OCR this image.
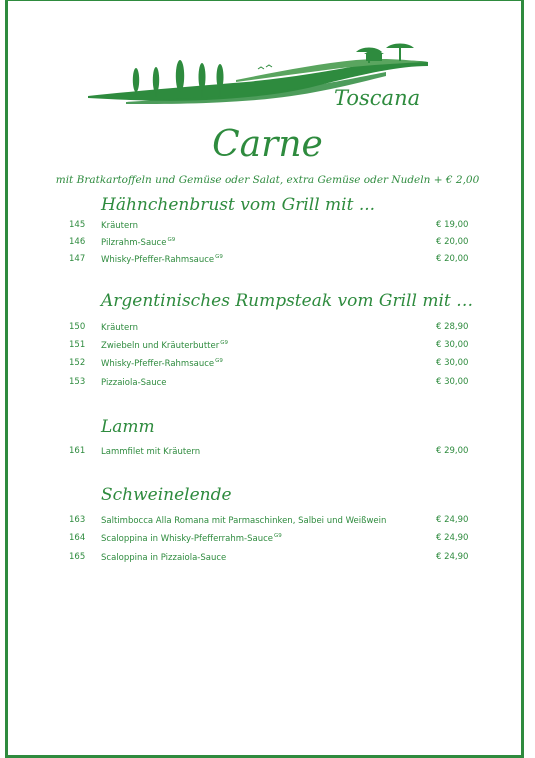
Toscana
Carne
mit Bratkartoffeln und Gemüse oder Salat, extra Gemüse oder Nudeln + € 2,00
Hähnchenbrust vom Grill mit ...
145 Kräutern	€ 19,00
146 Pilzrahm-Sauce$^{G9}$	€ 20,00
147 Whisky-Pfeffer-Rahmsauce$^{G9}$	€ 20,00
Argentinisches Rumpsteak vom Grill mit …
150 Kräutern	€ 28,90
151 Zwiebeln und Kräuterbutter$^{G9}$	€ 30,00
152 Whisky-Pfeffer-Rahmsauce$^{G9}$	€ 30,00
153 Pizzaiola-Sauce	€ 30,00
Lamm
161 Lammfilet mit Kräutern	€ 29,00
Schweinelende
163 Saltimbocca Alla Romana mit Parmaschinken, Salbei und Weißwein	€ 24,90
164 Scaloppina in Whisky-Pfefferrahm-Sauce$^{G9}$	€ 24,90
165 Scaloppina in Pizzaiola-Sauce	€ 24,90
